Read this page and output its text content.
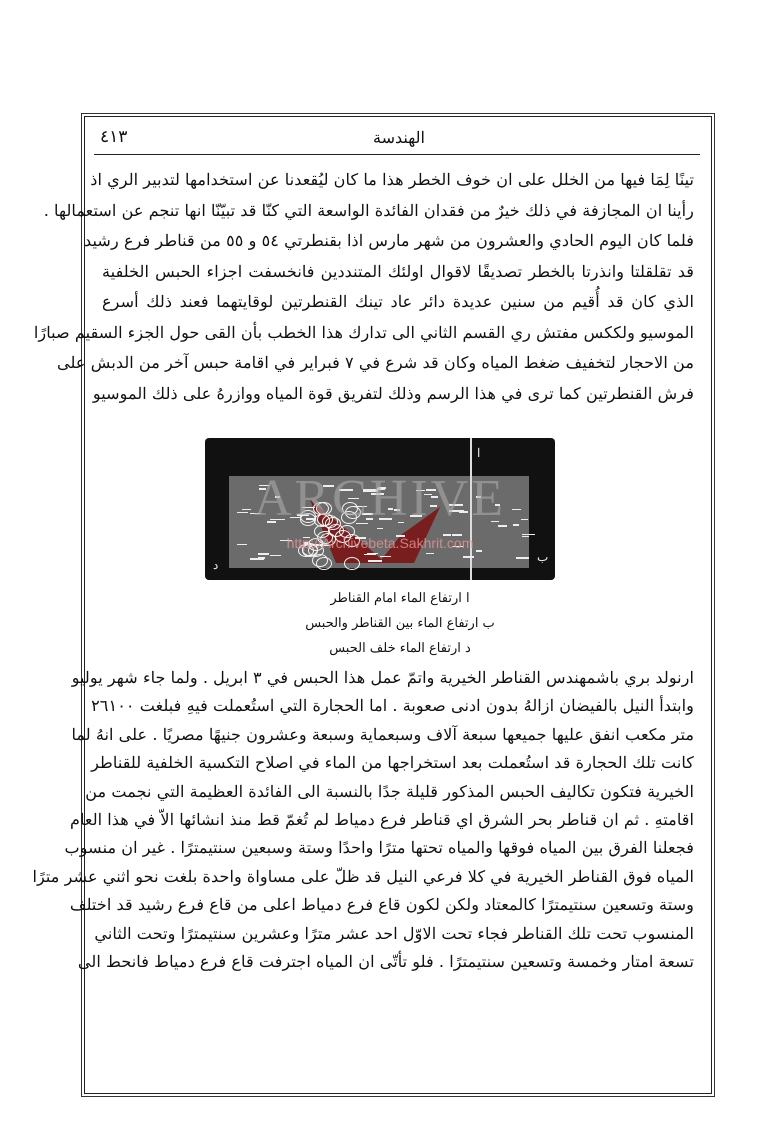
الهندسة
٤١٣
تينًا لِمَا فيها من الخلل على ان خوف الخطر هذا ما كان ليُقعدنا عن استخدامها لتدبير الري اذ
رأينا ان المجازفة في ذلك خيرٌ من فقدان الفائدة الواسعة التي كنّا قد تبيّنّا انها تنجم عن استعمالها .
فلما كان اليوم الحادي والعشرون من شهر مارس اذا بقنطرتي ٥٤ و ٥٥ من قناطر فرع رشيد
قد تقلقلتا وانذرتا بالخطر تصديقًا لاقوال اولئك المتنددين فانخسفت اجزاء الحبس الخلفية
الذي كان قد أُقيم من سنين عديدة دائر عاد تينك القنطرتين لوقايتهما فعند ذلك أسرع
الموسيو ولككس مفتش ري القسم الثاني الى تدارك هذا الخطب بأن القى حول الجزء السقيم صبارًا
من الاحجار لتخفيف ضغط المياه وكان قد شرع في ٧ فبراير في اقامة حبس آخر من الدبش على
فرش القنطرتين كما ترى في هذا الرسم وذلك لتفريق قوة المياه ووازرهُ على ذلك الموسيو
ا
ب
د
ARCHIVE
http://Archivebeta.Sakhrit.com
ا ارتفاع الماء امام القناطر
ب ارتفاع الماء بين القناطر والحبس
د ارتفاع الماء خلف الحبس
ارنولد بري باشمهندس القناطر الخيرية واتمّ عمل هذا الحبس في ٣ ابريل . ولما جاء شهر يوليو
وابتدأ النيل بالفيضان ازالهُ بدون ادنى صعوبة . اما الحجارة التي استُعملت فيهِ فبلغت ٢٦١٠٠
متر مكعب انفق عليها جميعها سبعة آلاف وسبعماية وسبعة وعشرون جنيهًا مصريًا . على انهُ لما
كانت تلك الحجارة قد استُعملت بعد استخراجها من الماء في اصلاح التكسية الخلفية للقناطر
الخيرية فتكون تكاليف الحبس المذكور قليلة جدًا بالنسبة الى الفائدة العظيمة التي نجمت من
اقامتهِ . ثم ان قناطر بحر الشرق اي قناطر فرع دمياط لم تُغمّ قط منذ انشائها الاّ في هذا العام
فجعلنا الفرق بين المياه فوقها والمياه تحتها مترًا واحدًا وستة وسبعين سنتيمترًا . غير ان منسوب
المياه فوق القناطر الخيرية في كلا فرعي النيل قد ظلّ على مساواة واحدة بلغت نحو اثني عشر مترًا
وستة وتسعين سنتيمترًا كالمعتاد ولكن لكون قاع فرع دمياط اعلى من قاع فرع رشيد قد اختلف
المنسوب تحت تلك القناطر فجاء تحت الاوّل احد عشر مترًا وعشرين سنتيمترًا وتحت الثاني
تسعة امتار وخمسة وتسعين سنتيمترًا . فلو تأتّى ان المياه اجترفت قاع فرع دمياط فانحط الى
